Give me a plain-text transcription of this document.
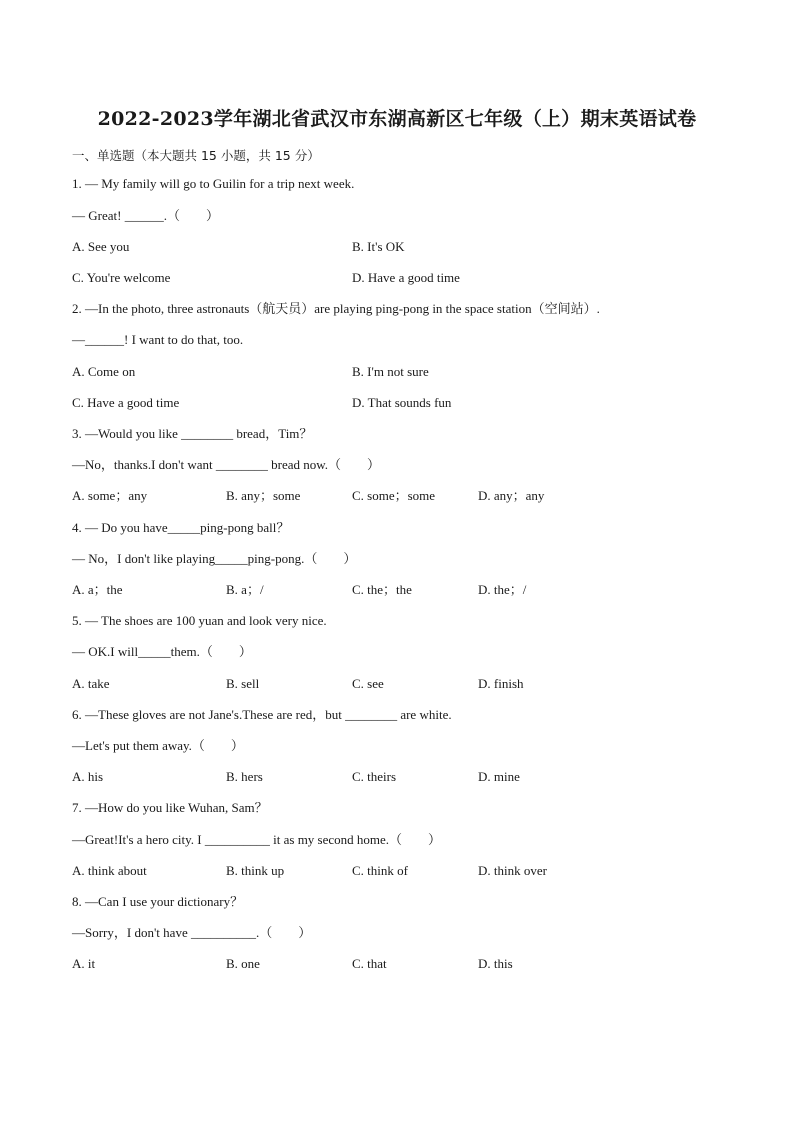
2022-2023学年湖北省武汉市东湖高新区七年级（上）期末英语试卷
一、单选题（本大题共 15 小题，共 15 分）
1. — My family will go to Guilin for a trip next week.
— Great! ______.（　　）
A. See you	B. It's OK
C. You're welcome	D. Have a good time
2. —In the photo, three astronauts（航天员）are playing ping-pong in the space station（空间站）.
—______! I want to do that, too.
A. Come on	B. I'm not sure
C. Have a good time	D. That sounds fun
3. —Would you like ________ bread，Tim？
—No，thanks.I don't want ________ bread now.（　　）
A. some；any	B. any；some	C. some；some	D. any；any
4. — Do you have_____ping-pong ball？
— No，I don't like playing_____ping-pong.（　　）
A. a；the	B. a；/	C. the；the	D. the；/
5. — The shoes are 100 yuan and look very nice.
— OK.I will_____them.（　　）
A. take	B. sell	C. see	D. finish
6. —These gloves are not Jane's.These are red，but ________ are white.
—Let's put them away.（　　）
A. his	B. hers	C. theirs	D. mine
7. —How do you like Wuhan, Sam？
—Great!It's a hero city. I __________ it as my second home.（　　）
A. think about	B. think up	C. think of	D. think over
8. —Can I use your dictionary？
—Sorry，I don't have __________.（　　）
A. it	B. one	C. that	D. this
